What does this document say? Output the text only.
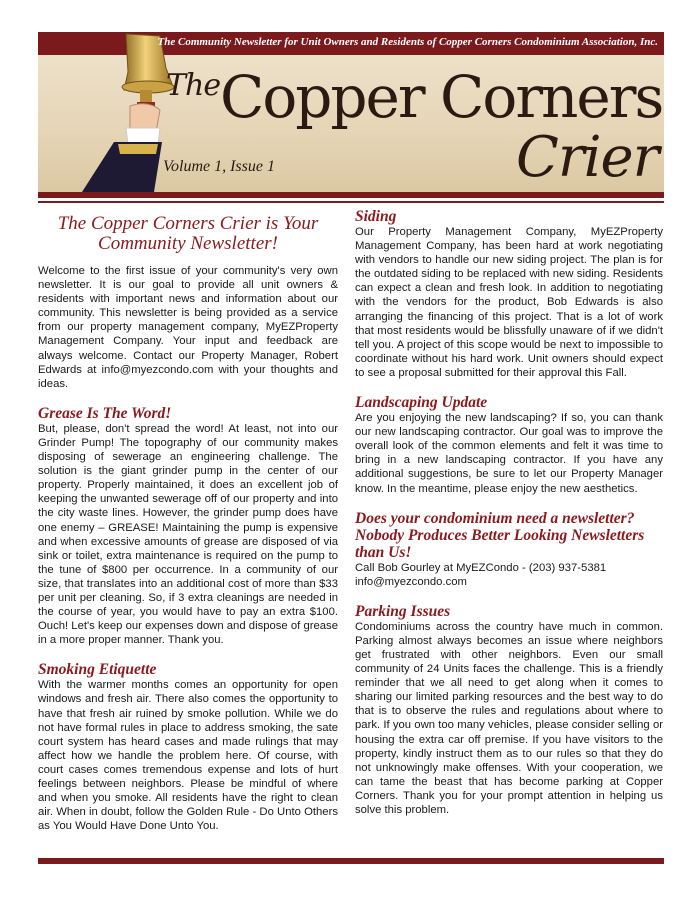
The Community Newsletter for Unit Owners and Residents of Copper Corners Condominium Association, Inc.
The Copper Corners
Crier
Volume 1, Issue 1
The Copper Corners Crier is Your Community Newsletter!

Welcome to the first issue of your community's very own newsletter. It is our goal to provide all unit owners & residents with important news and information about our community. This newsletter is being provided as a service from our property management company, MyEZProperty Management Company. Your input and feedback are always welcome. Contact our Property Manager, Robert Edwards at info@myezcondo.com with your thoughts and ideas.

Grease Is The Word!

But, please, don't spread the word! At least, not into our Grinder Pump! The topography of our community makes disposing of sewerage an engineering challenge. The solution is the giant grinder pump in the center of our property. Properly maintained, it does an excellent job of keeping the unwanted sewerage off of our property and into the city waste lines. However, the grinder pump does have one enemy – GREASE! Maintaining the pump is expensive and when excessive amounts of grease are disposed of via sink or toilet, extra maintenance is required on the pump to the tune of $800 per occurrence. In a community of our size, that translates into an additional cost of more than $33 per unit per cleaning. So, if 3 extra cleanings are needed in the course of year, you would have to pay an extra $100. Ouch! Let's keep our expenses down and dispose of grease in a more proper manner. Thank you.

Smoking Etiquette

With the warmer months comes an opportunity for open windows and fresh air. There also comes the opportunity to have that fresh air ruined by smoke pollution. While we do not have formal rules in place to address smoking, the sate court system has heard cases and made rulings that may affect how we handle the problem here. Of course, with court cases comes tremendous expense and lots of hurt feelings between neighbors. Please be mindful of where and when you smoke. All residents have the right to clean air. When in doubt, follow the Golden Rule - Do Unto Others as You Would Have Done Unto You.

Siding

Our Property Management Company, MyEZProperty Management Company, has been hard at work negotiating with vendors to handle our new siding project. The plan is for the outdated siding to be replaced with new siding. Residents can expect a clean and fresh look. In addition to negotiating with the vendors for the product, Bob Edwards is also arranging the financing of this project. That is a lot of work that most residents would be blissfully unaware of if we didn't tell you. A project of this scope would be next to impossible to coordinate without his hard work. Unit owners should expect to see a proposal submitted for their approval this Fall.

Landscaping Update

Are you enjoying the new landscaping? If so, you can thank our new landscaping contractor. Our goal was to improve the overall look of the common elements and felt it was time to bring in a new landscaping contractor. If you have any additional suggestions, be sure to let our Property Manager know. In the meantime, please enjoy the new aesthetics.

Does your condominium need a newsletter? Nobody Produces Better Looking Newsletters than Us!
Call Bob Gourley at MyEZCondo - (203) 937-5381
info@myezcondo.com
Parking Issues

Condominiums across the country have much in common. Parking almost always becomes an issue where neighbors get frustrated with other neighbors. Even our small community of 24 Units faces the challenge. This is a friendly reminder that we all need to get along when it comes to sharing our limited parking resources and the best way to do that is to observe the rules and regulations about where to park. If you own too many vehicles, please consider selling or housing the extra car off premise. If you have visitors to the property, kindly instruct them as to our rules so that they do not unknowingly make offenses. With your cooperation, we can tame the beast that has become parking at Copper Corners. Thank you for your prompt attention in helping us solve this problem.
